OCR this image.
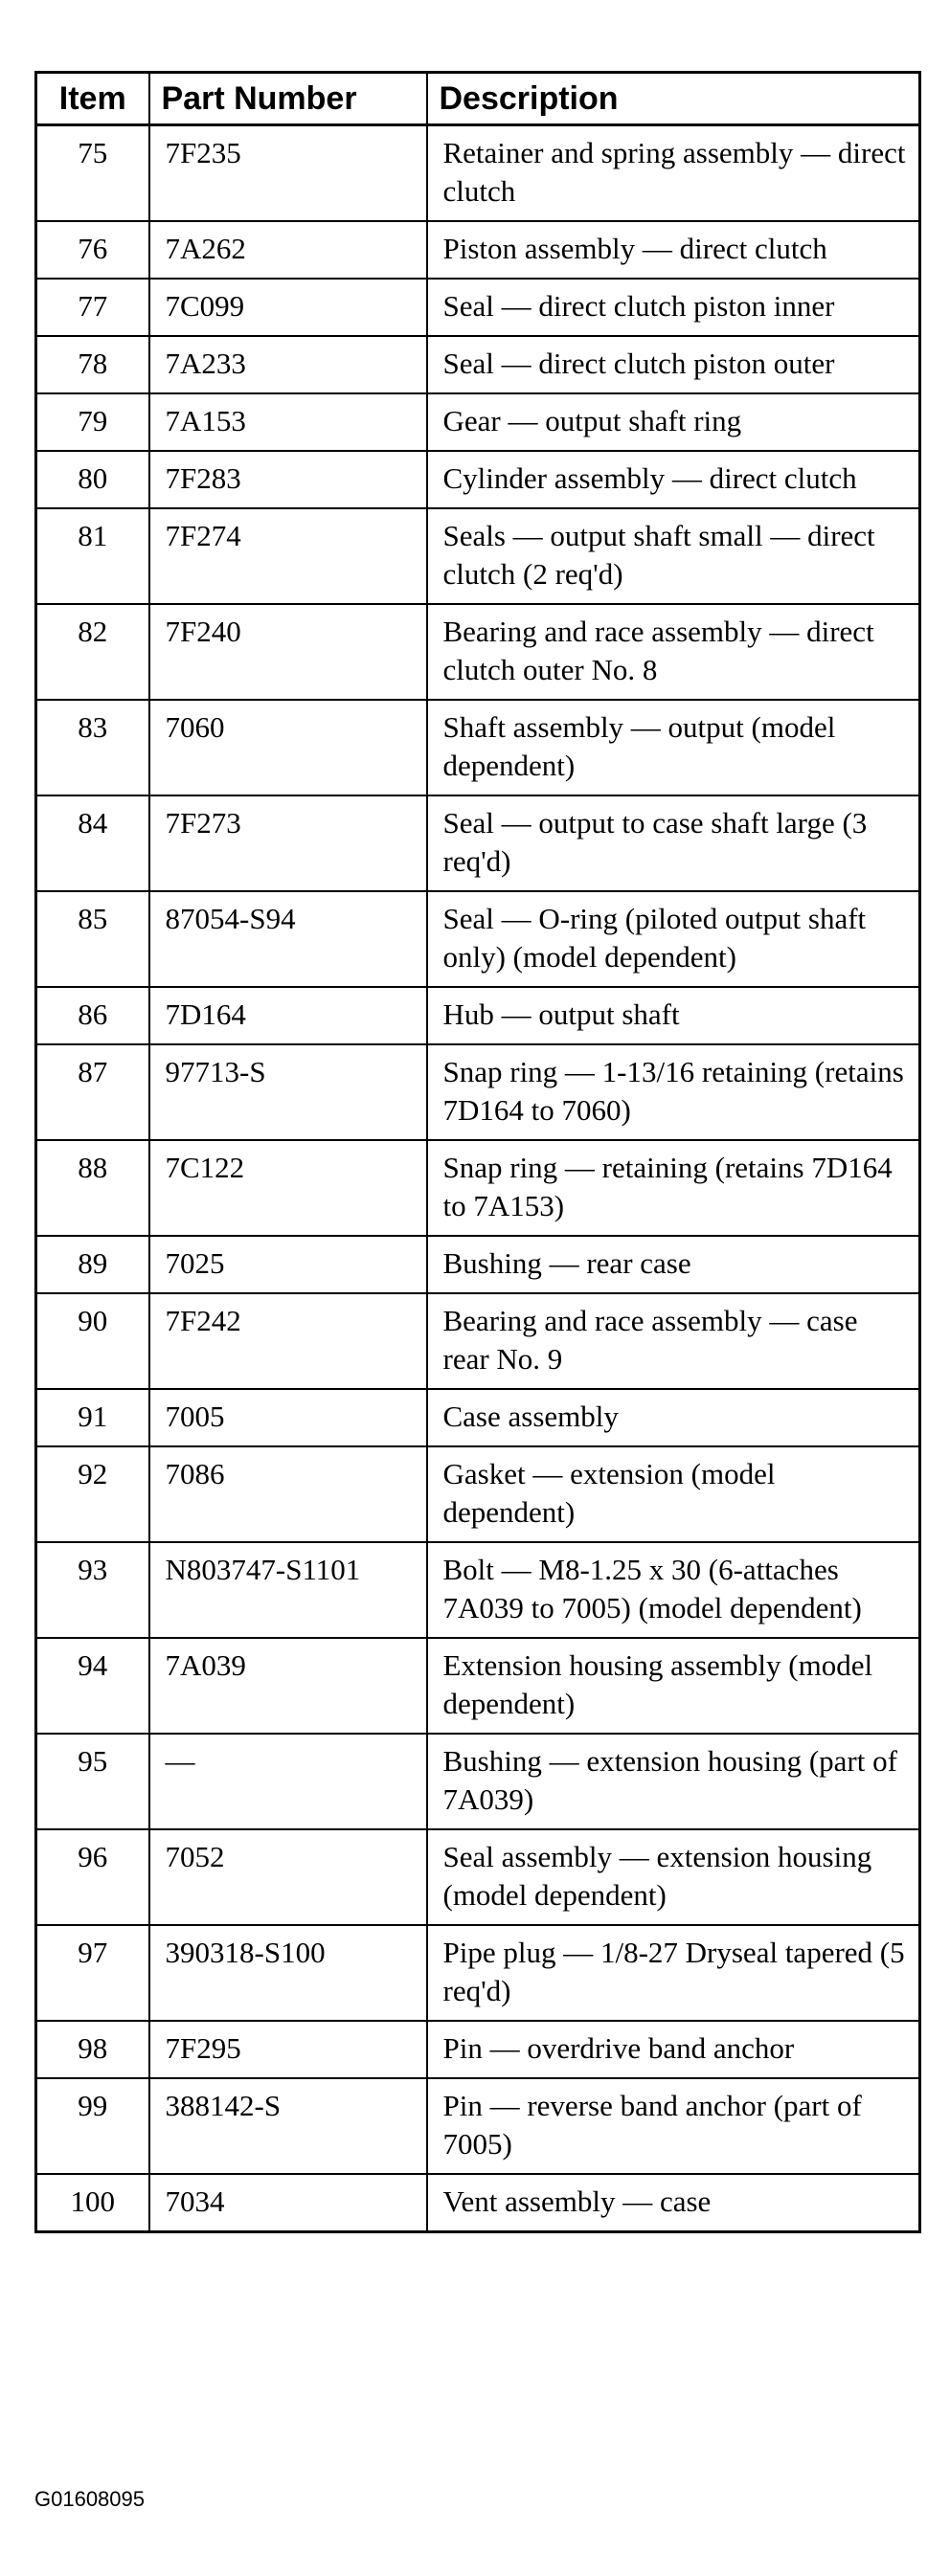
Item	Part Number	Description
75	7F235	Retainer and spring assembly — direct clutch
76	7A262	Piston assembly — direct clutch
77	7C099	Seal — direct clutch piston inner
78	7A233	Seal — direct clutch piston outer
79	7A153	Gear — output shaft ring
80	7F283	Cylinder assembly — direct clutch
81	7F274	Seals — output shaft small — direct clutch (2 req'd)
82	7F240	Bearing and race assembly — direct clutch outer No. 8
83	7060	Shaft assembly — output (model dependent)
84	7F273	Seal — output to case shaft large (3 req'd)
85	87054-S94	Seal — O-ring (piloted output shaft only) (model dependent)
86	7D164	Hub — output shaft
87	97713-S	Snap ring — 1-13/16 retaining (retains 7D164 to 7060)
88	7C122	Snap ring — retaining (retains 7D164 to 7A153)
89	7025	Bushing — rear case
90	7F242	Bearing and race assembly — case rear No. 9
91	7005	Case assembly
92	7086	Gasket — extension (model dependent)
93	N803747-S1101	Bolt — M8-1.25 x 30 (6-attaches 7A039 to 7005) (model dependent)
94	7A039	Extension housing assembly (model dependent)
95	—	Bushing — extension housing (part of 7A039)
96	7052	Seal assembly — extension housing (model dependent)
97	390318-S100	Pipe plug — 1/8-27 Dryseal tapered (5 req'd)
98	7F295	Pin — overdrive band anchor
99	388142-S	Pin — reverse band anchor (part of 7005)
100	7034	Vent assembly — case
G01608095
